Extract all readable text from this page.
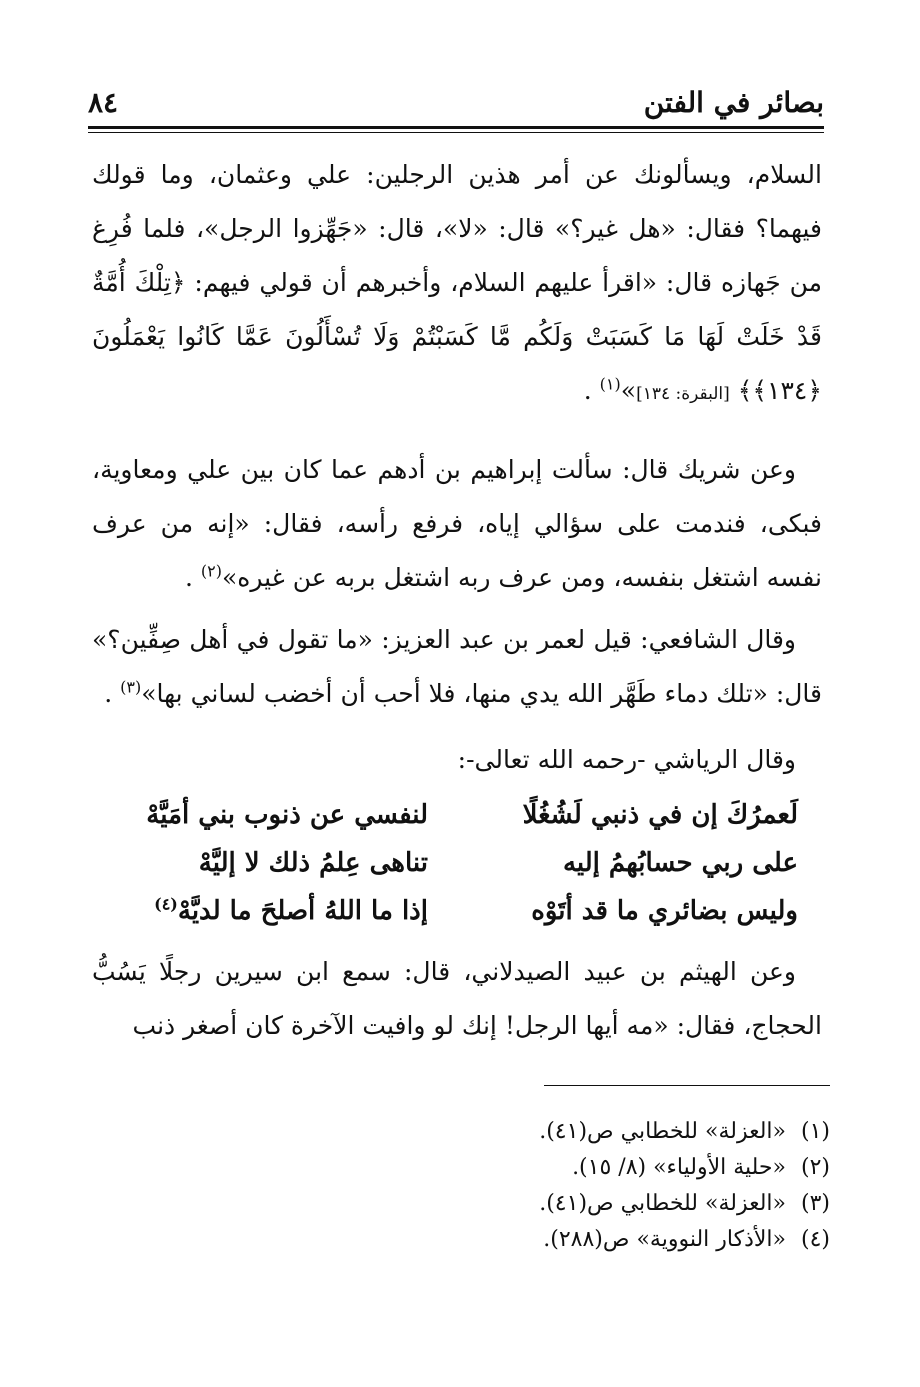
بصائر في الفتن
٨٤

السلام، ويسألونك عن أمر هذين الرجلين: علي وعثمان، وما قولك فيهما؟ فقال: «هل غير؟» قال: «لا»، قال: «جَهِّزوا الرجل»، فلما فُرِغ من جَهازه قال: «اقرأ عليهم السلام، وأخبرهم أن قولي فيهم: ﴿تِلْكَ أُمَّةٌ قَدْ خَلَتْ لَهَا مَا كَسَبَتْ وَلَكُم مَّا كَسَبْتُمْ وَلَا تُسْأَلُونَ عَمَّا كَانُوا يَعْمَلُونَ ﴿١٣٤﴾﴾ [البقرة: ١٣٤]»$^{(١)}$ .

وعن شريك قال: سألت إبراهيم بن أدهم عما كان بين علي ومعاوية، فبكى، فندمت على سؤالي إياه، فرفع رأسه، فقال: «إنه من عرف نفسه اشتغل بنفسه، ومن عرف ربه اشتغل بربه عن غيره»$^{(٢)}$ .

وقال الشافعي: قيل لعمر بن عبد العزيز: «ما تقول في أهل صِفِّين؟» قال: «تلك دماء طَهَّر الله يدي منها، فلا أحب أن أخضب لساني بها»$^{(٣)}$ .

وقال الرياشي -رحمه الله تعالى-:

لَعمرُكَ إن في ذنبي لَشُغُلًا
لنفسي عن ذنوب بني أمَيَّهْ
على ربي حسابُهمُ إليه
تناهى عِلمُ ذلك لا إليَّهْ
وليس بضائري ما قد أتَوْه
إذا ما اللهُ أصلحَ ما لديَّهْ$^{(٤)}$

وعن الهيثم بن عبيد الصيدلاني، قال: سمع ابن سيرين رجلًا يَسُبُّ الحجاج، فقال: «مه أيها الرجل! إنك لو وافيت الآخرة كان أصغر ذنب

(١)
«العزلة» للخطابي ص(٤١).
(٢)
«حلية الأولياء» (٨/ ١٥).
(٣)
«العزلة» للخطابي ص(٤١).
(٤)
«الأذكار النووية» ص(٢٨٨).
